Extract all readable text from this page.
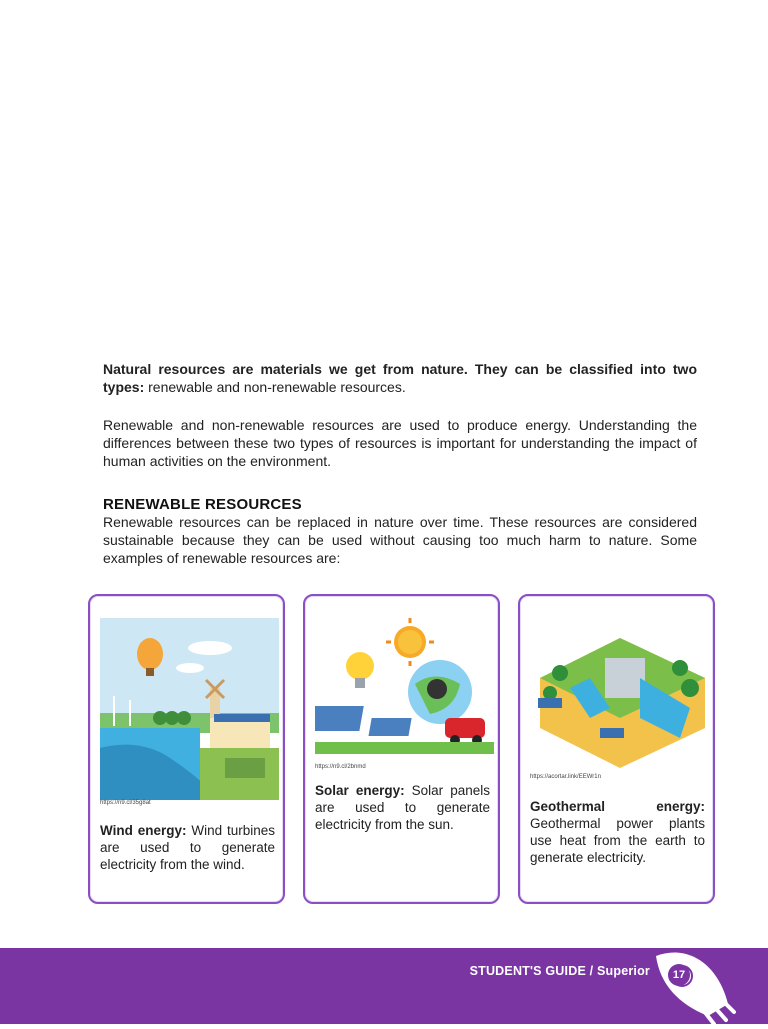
Natural resources are materials we get from nature. They can be classified into two types: renewable and non-renewable resources.

Renewable and non-renewable resources are used to produce energy. Understanding the differences between these two types of resources is important for understanding the impact of human activities on the environment.

RENEWABLE RESOURCES

Renewable resources can be replaced in nature over time. These resources are considered sustainable because they can be used without causing too much harm to nature. Some examples of renewable resources are:

https://n9.cl/35g8at
Wind energy: Wind turbines are used to generate electricity from the wind.
https://n9.cl/2bnmd
Solar energy: Solar panels are used to generate electricity from the sun.
https://acortar.link/EEWr1n
Geothermal energy: Geothermal power plants use heat from the earth to generate electricity.
STUDENT'S GUIDE / Superior	17
